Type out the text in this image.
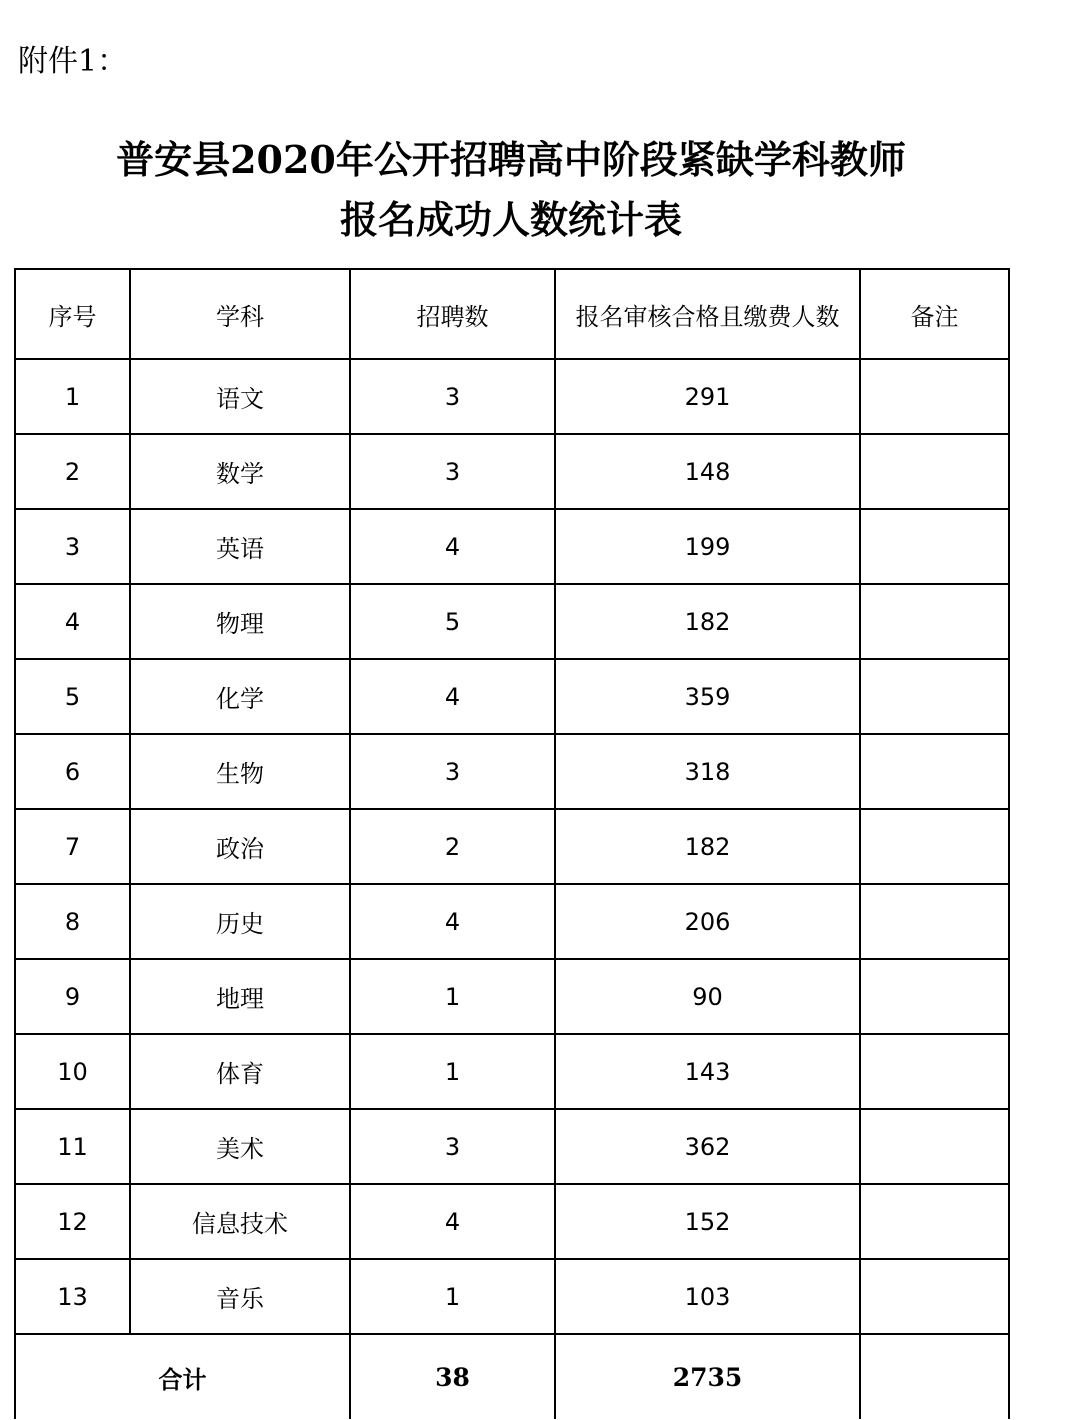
附件1：
普安县2020年公开招聘高中阶段紧缺学科教师
报名成功人数统计表
序号	学科	招聘数	报名审核合格且缴费人数	备注
1	语文	3	291	
2	数学	3	148	
3	英语	4	199	
4	物理	5	182	
5	化学	4	359	
6	生物	3	318	
7	政治	2	182	
8	历史	4	206	
9	地理	1	90	
10	体育	1	143	
11	美术	3	362	
12	信息技术	4	152	
13	音乐	1	103	
合计		38	2735	
